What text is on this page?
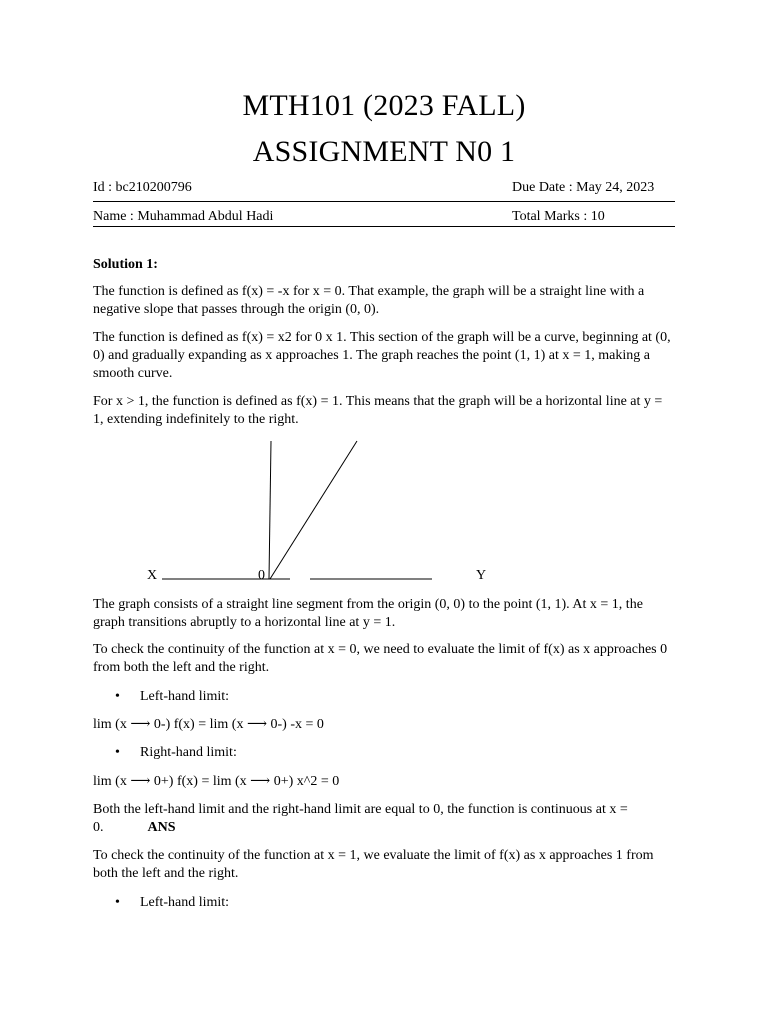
MTH101 (2023 FALL)
ASSIGNMENT N0 1
Id : bc210200796	Due Date : May 24, 2023
Name : Muhammad Abdul Hadi	Total Marks : 10

Solution 1:

The function is defined as f(x) = -x for x = 0. That example, the graph will be a straight line with a negative slope that passes through the origin (0, 0).

The function is defined as f(x) = x2 for 0 x 1. This section of the graph will be a curve, beginning at (0, 0) and gradually expanding as x approaches 1. The graph reaches the point (1, 1) at x = 1, making a smooth curve.

For x > 1, the function is defined as f(x) = 1. This means that the graph will be a horizontal line at y = 1, extending indefinitely to the right.

X	0	Y

The graph consists of a straight line segment from the origin (0, 0) to the point (1, 1). At x = 1, the graph transitions abruptly to a horizontal line at y = 1.

To check the continuity of the function at x = 0, we need to evaluate the limit of f(x) as x approaches 0 from both the left and the right.

• Left-hand limit:

lim (x ⟶ 0-) f(x) = lim (x ⟶ 0-) -x = 0

• Right-hand limit:

lim (x ⟶ 0+) f(x) = lim (x ⟶ 0+) x^2 = 0

Both the left-hand limit and the right-hand limit are equal to 0, the function is continuous at x = 0.	ANS

To check the continuity of the function at x = 1, we evaluate the limit of f(x) as x approaches 1 from both the left and the right.

• Left-hand limit:
